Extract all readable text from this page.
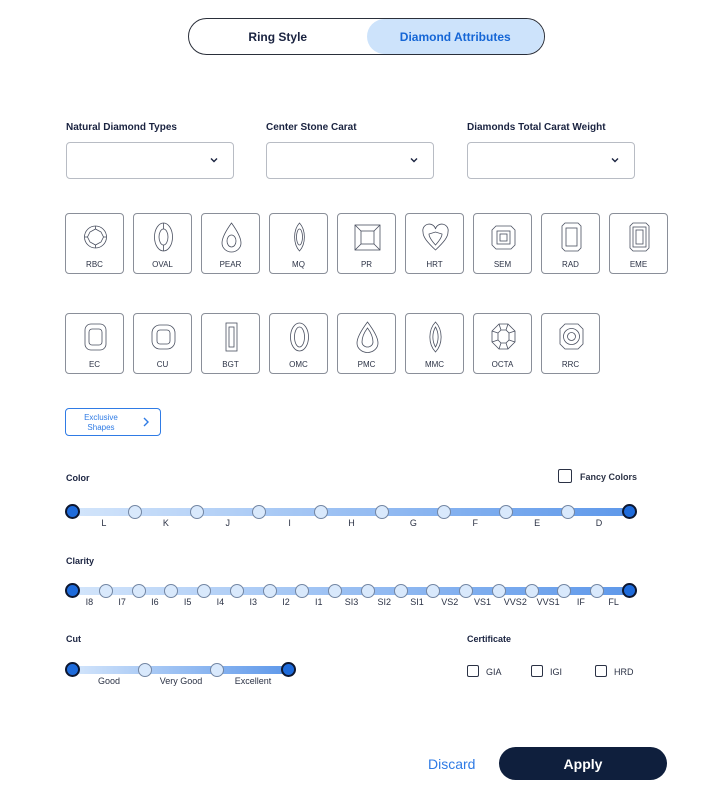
Ring Style	Diamond Attributes
Natural Diamond Types	Center Stone Carat	Diamonds Total Carat Weight
RBC	OVAL	PEAR	MQ	PR	HRT	SEM	RAD	EME
EC	CU	BGT	OMC	PMC	MMC	OCTA	RRC
Exclusive Shapes
Color	Fancy Colors
L	K	J	I	H	G	F	E	D
Clarity
I8	I7	I6	I5	I4	I3	I2	I1 SI3 SI2 SI1 VS2 VS1 VVS2 VVS1 IF	FL
Cut
Good	Very Good	Excellent
Certificate
GIA	IGI	HRD
Discard	Apply
